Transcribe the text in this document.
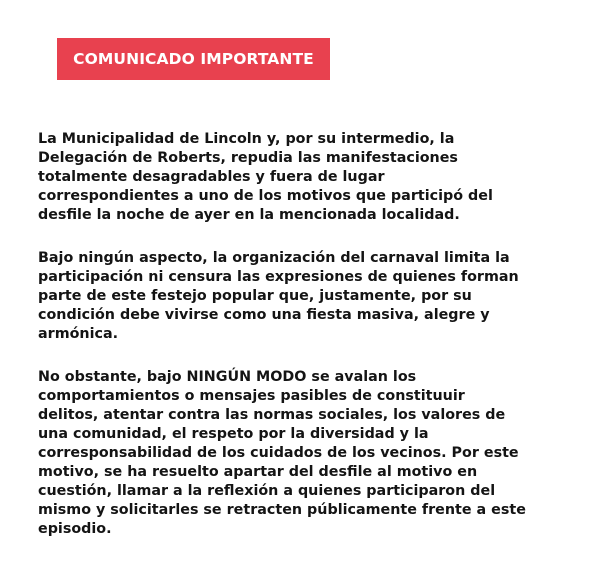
COMUNICADO IMPORTANTE

La Municipalidad de Lincoln y, por su intermedio, la
Delegación de Roberts, repudia las manifestaciones
totalmente desagradables y fuera de lugar
correspondientes a uno de los motivos que participó del
desfile la noche de ayer en la mencionada localidad.

Bajo ningún aspecto, la organización del carnaval limita la
participación ni censura las expresiones de quienes forman
parte de este festejo popular que, justamente, por su
condición debe vivirse como una fiesta masiva, alegre y
armónica.

No obstante, bajo NINGÚN MODO se avalan los
comportamientos o mensajes pasibles de constituuir
delitos, atentar contra las normas sociales, los valores de
una comunidad, el respeto por la diversidad y la
corresponsabilidad de los cuidados de los vecinos. Por este
motivo, se ha resuelto apartar del desfile al motivo en
cuestión, llamar a la reflexión a quienes participaron del
mismo y solicitarles se retracten públicamente frente a este
episodio.
